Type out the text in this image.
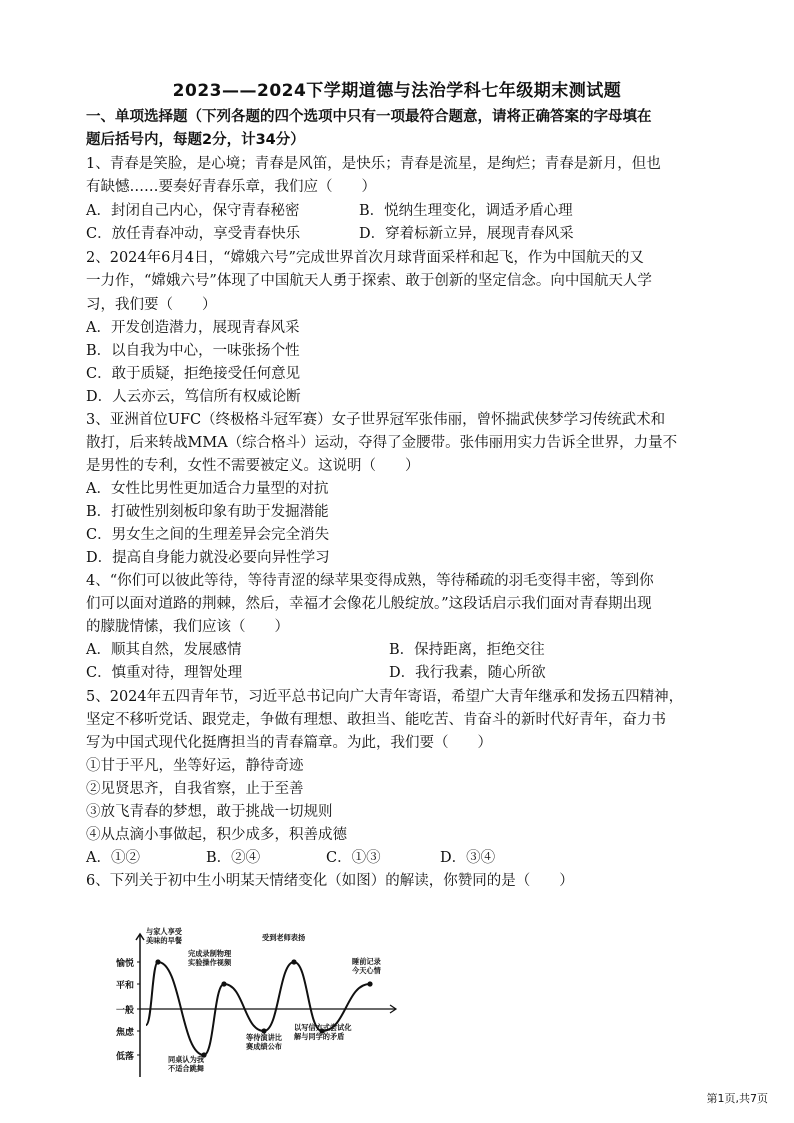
2023——2024下学期道德与法治学科七年级期末测试题
一、单项选择题（下列各题的四个选项中只有一项最符合题意，请将正确答案的字母填在
题后括号内，每题2分，计34分）
1、青春是笑脸，是心境；青春是风笛，是快乐；青春是流星，是绚烂；青春是新月，但也
有缺憾……要奏好青春乐章，我们应（　　）
A．封闭自己内心，保守青春秘密	B．悦纳生理变化，调适矛盾心理
C．放任青春冲动，享受青春快乐	D．穿着标新立异，展现青春风采
2、2024年6月4日，“嫦娥六号”完成世界首次月球背面采样和起飞，作为中国航天的又
一力作，“嫦娥六号”体现了中国航天人勇于探索、敢于创新的坚定信念。向中国航天人学
习，我们要（　　）
A．开发创造潜力，展现青春风采
B．以自我为中心，一味张扬个性
C．敢于质疑，拒绝接受任何意见
D．人云亦云，笃信所有权威论断
3、亚洲首位UFC（终极格斗冠军赛）女子世界冠军张伟丽，曾怀揣武侠梦学习传统武术和
散打，后来转战MMA（综合格斗）运动，夺得了金腰带。张伟丽用实力告诉全世界，力量不
是男性的专利，女性不需要被定义。这说明（　　）
A．女性比男性更加适合力量型的对抗
B．打破性别刻板印象有助于发掘潜能
C．男女生之间的生理差异会完全消失
D．提高自身能力就没必要向异性学习
4、“你们可以彼此等待，等待青涩的绿苹果变得成熟，等待稀疏的羽毛变得丰密，等到你
们可以面对道路的荆棘，然后，幸福才会像花儿般绽放。”这段话启示我们面对青春期出现
的朦胧情愫，我们应该（　　）
A．顺其自然，发展感情	B．保持距离，拒绝交往
C．慎重对待，理智处理	D．我行我素，随心所欲
5、2024年五四青年节，习近平总书记向广大青年寄语，希望广大青年继承和发扬五四精神，
坚定不移听党话、跟党走，争做有理想、敢担当、能吃苦、肯奋斗的新时代好青年，奋力书
写为中国式现代化挺膺担当的青春篇章。为此，我们要（　　）
①甘于平凡，坐等好运，静待奇迹
②见贤思齐，自我省察，止于至善
③放飞青春的梦想，敢于挑战一切规则
④从点滴小事做起，积少成多，积善成德
A．①②	B．②④	C．①③	D．③④
6、下列关于初中生小明某天情绪变化（如图）的解读，你赞同的是（　　）
愉悦
平和
一般
焦虑
低落
与家人享受
美味的早餐
同桌认为我
不适合跳舞
完成录制物理
实验操作视频
等待演讲比
赛成绩公布
受到老师表扬
以写信方式尝试化
解与同学的矛盾
睡前记录
今天心情
第1页,共7页
